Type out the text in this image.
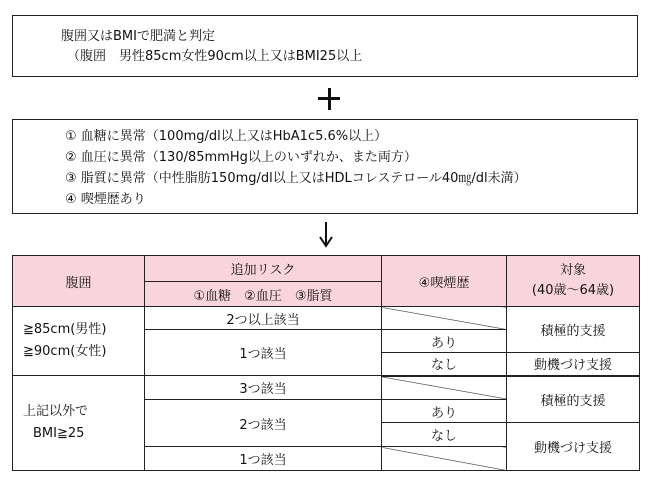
腹囲又はBMIで肥満と判定
（腹囲　男性85cm女性90cm以上又はBMI25以上
① 血糖に異常（100mg/dl以上又はHbA1c5.6%以上）
② 血圧に異常（130/85mmHg以上のいずれか、また両方）
③ 脂質に異常（中性脂肪150mg/dl以上又はHDLコレステロール40㎎/dl未満）
④ 喫煙歴あり
腹囲	追加リスク	④喫煙歴	対象
(40歳～64歳)

	①血糖　②血圧　③脂質		

≧85cm(男性)
≧90cm(女性)	2つ以上該当		積極的支援
	1つ該当	あり	
		なし	動機づけ支援

上記以外で
BMI≧25	3つ該当		積極的支援
	2つ該当	あり	
		なし	動機づけ支援
	1つ該当		
